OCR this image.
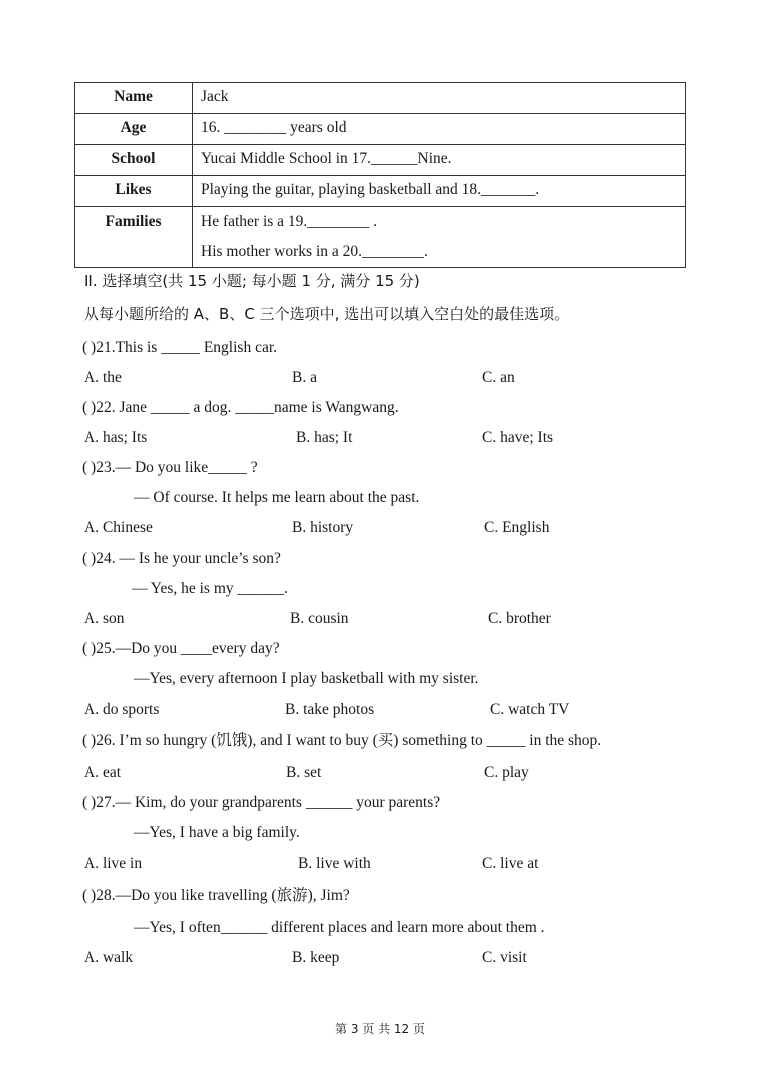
Name	Jack
Age	16. ________ years old
School	Yucai Middle School in 17.______Nine.
Likes	Playing the guitar, playing basketball and 18._______.
Families	He father is a 19.________ .
His mother works in a 20.________.
II. 选择填空(共 15 小题; 每小题 1 分, 满分 15 分)
从每小题所给的 A、B、C 三个选项中, 选出可以填入空白处的最佳选项。
( )21.This is _____ English car.
A. the	B. a	C. an
( )22. Jane _____ a dog. _____name is Wangwang.
A. has; Its	B. has; It	C. have; Its
( )23.— Do you like_____ ?
— Of course. It helps me learn about the past.
A. Chinese	B. history	C. English
( )24. — Is he your uncle’s son?
— Yes, he is my ______.
A. son	B. cousin	C. brother
( )25.—Do you ____every day?
—Yes, every afternoon I play basketball with my sister.
A. do sports	B. take photos	C. watch TV
( )26. I’m so hungry (饥饿), and I want to buy (买) something to _____ in the shop.
A. eat	B. set	C. play
( )27.— Kim, do your grandparents ______ your parents?
—Yes, I have a big family.
A. live in	B. live with	C. live at
( )28.—Do you like travelling (旅游), Jim?
—Yes, I often______ different places and learn more about them .
A. walk	B. keep	C. visit
第 3 页 共 12 页
